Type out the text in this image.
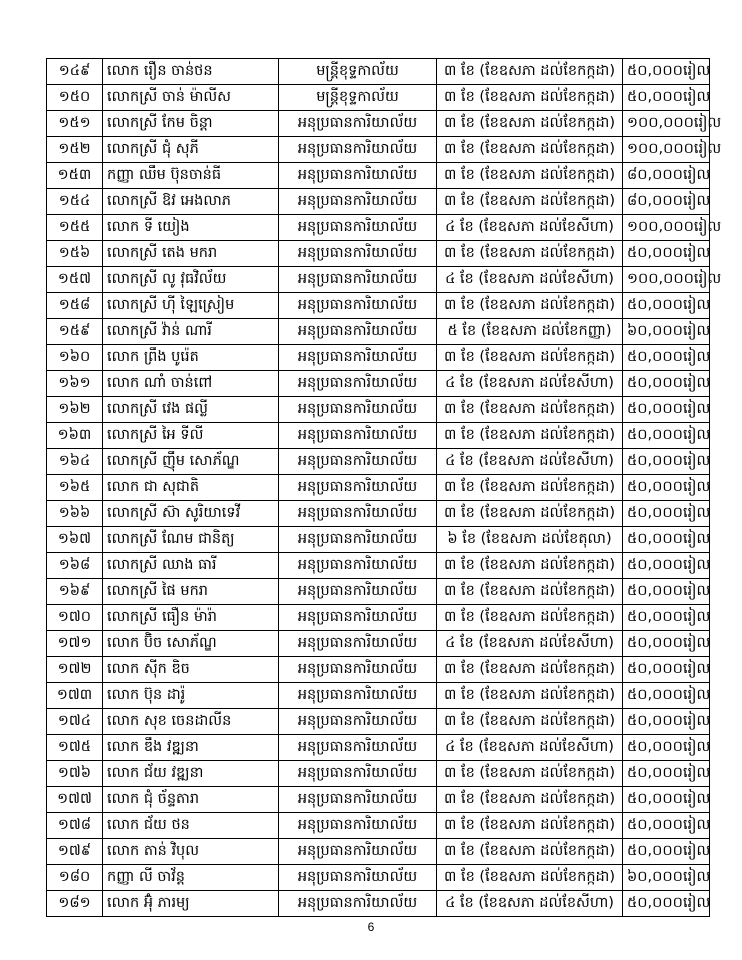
១៤៩	លោក រឿន ចាន់ថន	មន្ត្រីខុទ្ទកាល័យ	៣ ខែ (ខែឧសភា ដល់ខែកក្កដា)	៥០,០០០រៀល
១៥០	លោកស្រី ចាន់ ម៉ាលីស	មន្ត្រីខុទ្ទកាល័យ	៣ ខែ (ខែឧសភា ដល់ខែកក្កដា)	៥០,០០០រៀល
១៥១	លោកស្រី កែម ចិន្តា	អនុប្រធានការិយាល័យ	៣ ខែ (ខែឧសភា ដល់ខែកក្កដា)	១០០,០០០រៀល
១៥២	លោកស្រី ជុំ សុភី	អនុប្រធានការិយាល័យ	៣ ខែ (ខែឧសភា ដល់ខែកក្កដា)	១០០,០០០រៀល
១៥៣	កញ្ញា ឈឹម ប៊ុនចាន់ធី	អនុប្រធានការិយាល័យ	៣ ខែ (ខែឧសភា ដល់ខែកក្កដា)	៨០,០០០រៀល
១៥៤	លោកស្រី ឱវ អេងលាភ	អនុប្រធានការិយាល័យ	៣ ខែ (ខែឧសភា ដល់ខែកក្កដា)	៨០,០០០រៀល
១៥៥	លោក ទី យៀង	អនុប្រធានការិយាល័យ	៤ ខែ (ខែឧសភា ដល់ខែសីហា)	១០០,០០០រៀល
១៥៦	លោកស្រី តេង មករា	អនុប្រធានការិយាល័យ	៣ ខែ (ខែឧសភា ដល់ខែកក្កដា)	៥០,០០០រៀល
១៥៧	លោកស្រី លូ វុធវិល័យ	អនុប្រធានការិយាល័យ	៤ ខែ (ខែឧសភា ដល់ខែសីហា)	១០០,០០០រៀល
១៥៨	លោកស្រី ហ៊ី ឡៃស្រៀម	អនុប្រធានការិយាល័យ	៣ ខែ (ខែឧសភា ដល់ខែកក្កដា)	៥០,០០០រៀល
១៥៩	លោកស្រី វ៉ាន់ ណារី	អនុប្រធានការិយាល័យ	៥ ខែ (ខែឧសភា ដល់ខែកញ្ញា)	៦០,០០០រៀល
១៦០	លោក ព្រឹង បូរ៉េត	អនុប្រធានការិយាល័យ	៣ ខែ (ខែឧសភា ដល់ខែកក្កដា)	៥០,០០០រៀល
១៦១	លោក ណាំ ចាន់ពៅ	អនុប្រធានការិយាល័យ	៤ ខែ (ខែឧសភា ដល់ខែសីហា)	៥០,០០០រៀល
១៦២	លោកស្រី វេង ផល្លី	អនុប្រធានការិយាល័យ	៣ ខែ (ខែឧសភា ដល់ខែកក្កដា)	៥០,០០០រៀល
១៦៣	លោកស្រី អៃ ទីលី	អនុប្រធានការិយាល័យ	៣ ខែ (ខែឧសភា ដល់ខែកក្កដា)	៥០,០០០រៀល
១៦៤	លោកស្រី ញ៉ឹម សោភ័ណ្ឌ	អនុប្រធានការិយាល័យ	៤ ខែ (ខែឧសភា ដល់ខែសីហា)	៥០,០០០រៀល
១៦៥	លោក ជា សុជាតិ	អនុប្រធានការិយាល័យ	៣ ខែ (ខែឧសភា ដល់ខែកក្កដា)	៥០,០០០រៀល
១៦៦	លោកស្រី ស៊ា សូរិយាទេវី	អនុប្រធានការិយាល័យ	៣ ខែ (ខែឧសភា ដល់ខែកក្កដា)	៥០,០០០រៀល
១៦៧	លោកស្រី ណែម ជានិត្យ	អនុប្រធានការិយាល័យ	៦ ខែ (ខែឧសភា ដល់ខែតុលា)	៥០,០០០រៀល
១៦៨	លោកស្រី ឈាង ធារី	អនុប្រធានការិយាល័យ	៣ ខែ (ខែឧសភា ដល់ខែកក្កដា)	៥០,០០០រៀល
១៦៩	លោកស្រី ផៃ មករា	អនុប្រធានការិយាល័យ	៣ ខែ (ខែឧសភា ដល់ខែកក្កដា)	៥០,០០០រៀល
១៧០	លោកស្រី ធឿន ម៉ារ៉ា	អនុប្រធានការិយាល័យ	៣ ខែ (ខែឧសភា ដល់ខែកក្កដា)	៥០,០០០រៀល
១៧១	លោក ប៊ិច សោភ័ណ្ឌ	អនុប្រធានការិយាល័យ	៤ ខែ (ខែឧសភា ដល់ខែសីហា)	៥០,០០០រៀល
១៧២	លោក ស៊ីក ឌិច	អនុប្រធានការិយាល័យ	៣ ខែ (ខែឧសភា ដល់ខែកក្កដា)	៥០,០០០រៀល
១៧៣	លោក ប៊ុន ដារ៉ូ	អនុប្រធានការិយាល័យ	៣ ខែ (ខែឧសភា ដល់ខែកក្កដា)	៥០,០០០រៀល
១៧៤	លោក សុខ ចេនដាលីន	អនុប្រធានការិយាល័យ	៣ ខែ (ខែឧសភា ដល់ខែកក្កដា)	៥០,០០០រៀល
១៧៥	លោក ឌឹង វឌ្ឍនា	អនុប្រធានការិយាល័យ	៤ ខែ (ខែឧសភា ដល់ខែសីហា)	៥០,០០០រៀល
១៧៦	លោក ជ័យ វឌ្ឍនា	អនុប្រធានការិយាល័យ	៣ ខែ (ខែឧសភា ដល់ខែកក្កដា)	៥០,០០០រៀល
១៧៧	លោក ជុំ ច័ន្ទតារា	អនុប្រធានការិយាល័យ	៣ ខែ (ខែឧសភា ដល់ខែកក្កដា)	៥០,០០០រៀល
១៧៨	លោក ជ័យ ថន	អនុប្រធានការិយាល័យ	៣ ខែ (ខែឧសភា ដល់ខែកក្កដា)	៥០,០០០រៀល
១៧៩	លោក តាន់ វិបុល	អនុប្រធានការិយាល័យ	៣ ខែ (ខែឧសភា ដល់ខែកក្កដា)	៥០,០០០រៀល
១៨០	កញ្ញា លី ចាវ័ន្ត	អនុប្រធានការិយាល័យ	៣ ខែ (ខែឧសភា ដល់ខែកក្កដា)	៦០,០០០រៀល
១៨១	លោក អ៊ុំ ភារម្យ	អនុប្រធានការិយាល័យ	៤ ខែ (ខែឧសភា ដល់ខែសីហា)	៥០,០០០រៀល
6
